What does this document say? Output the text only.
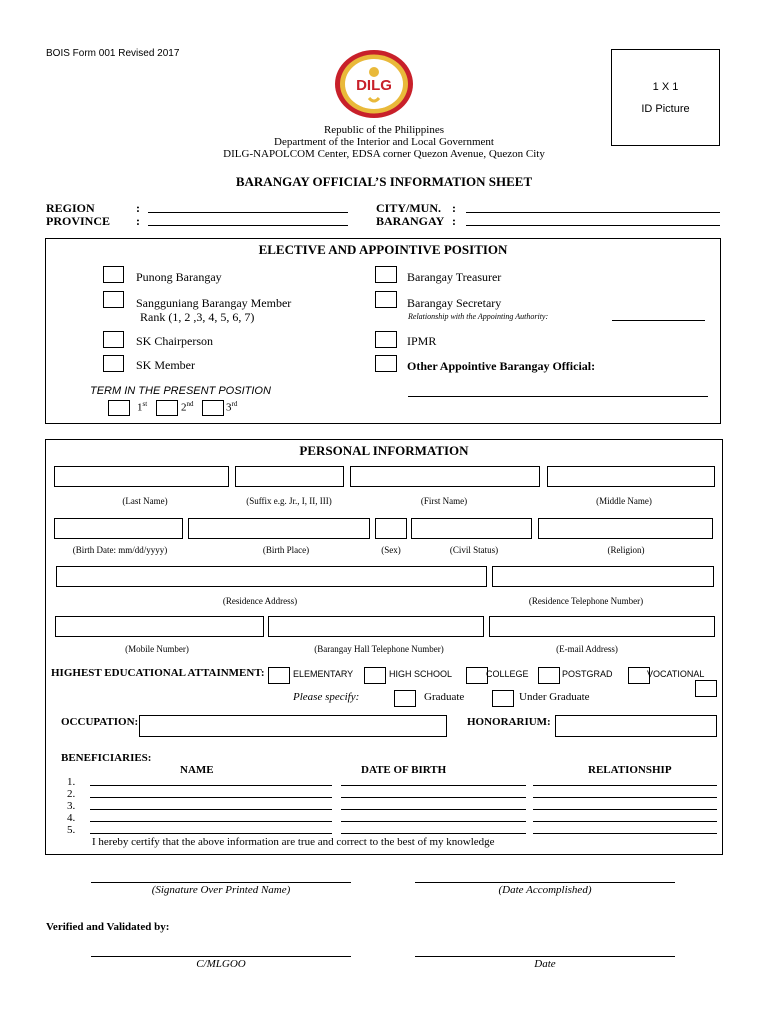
BOIS Form 001 Revised 2017
DILG	1 X 1
ID Picture
Republic of the Philippines
Department of the Interior and Local Government
DILG-NAPOLCOM Center, EDSA corner Quezon Avenue, Quezon City
BARANGAY OFFICIAL’S INFORMATION SHEET
REGION	:
PROVINCE :
CITY/MUN. :
BARANGAY :
ELECTIVE AND APPOINTIVE POSITION
Punong Barangay
Sangguniang Barangay Member
Rank (1, 2 ,3, 4, 5, 6, 7)
SK Chairperson
SK Member
Barangay Treasurer
Barangay Secretary
Relationship with the Appointing Authority:
IPMR
Other Appointive Barangay Official:
TERM IN THE PRESENT POSITION
1st	2nd	3rd
PERSONAL INFORMATION
(Last Name)	(Suffix e.g. Jr., I, II, III)	(First Name)	(Middle Name)
(Birth Date: mm/dd/yyyy)	(Birth Place)	(Sex)	(Civil Status)	(Religion)
(Residence Address)	(Residence Telephone Number)
(Mobile Number)	(Barangay Hall Telephone Number)	(E-mail Address)
HIGHEST EDUCATIONAL ATTAINMENT:	ELEMENTARY	HIGH SCHOOL	COLLEGE	POSTGRAD	VOCATIONAL
Please specify:	Graduate	Under Graduate
OCCUPATION:	HONORARIUM:
BENEFICIARIES:
NAME	DATE OF BIRTH	RELATIONSHIP
1.
2.
3.
4.
5.
I hereby certify that the above information are true and correct to the best of my knowledge
(Signature Over Printed Name)	(Date Accomplished)
Verified and Validated by:
C/MLGOO	Date
